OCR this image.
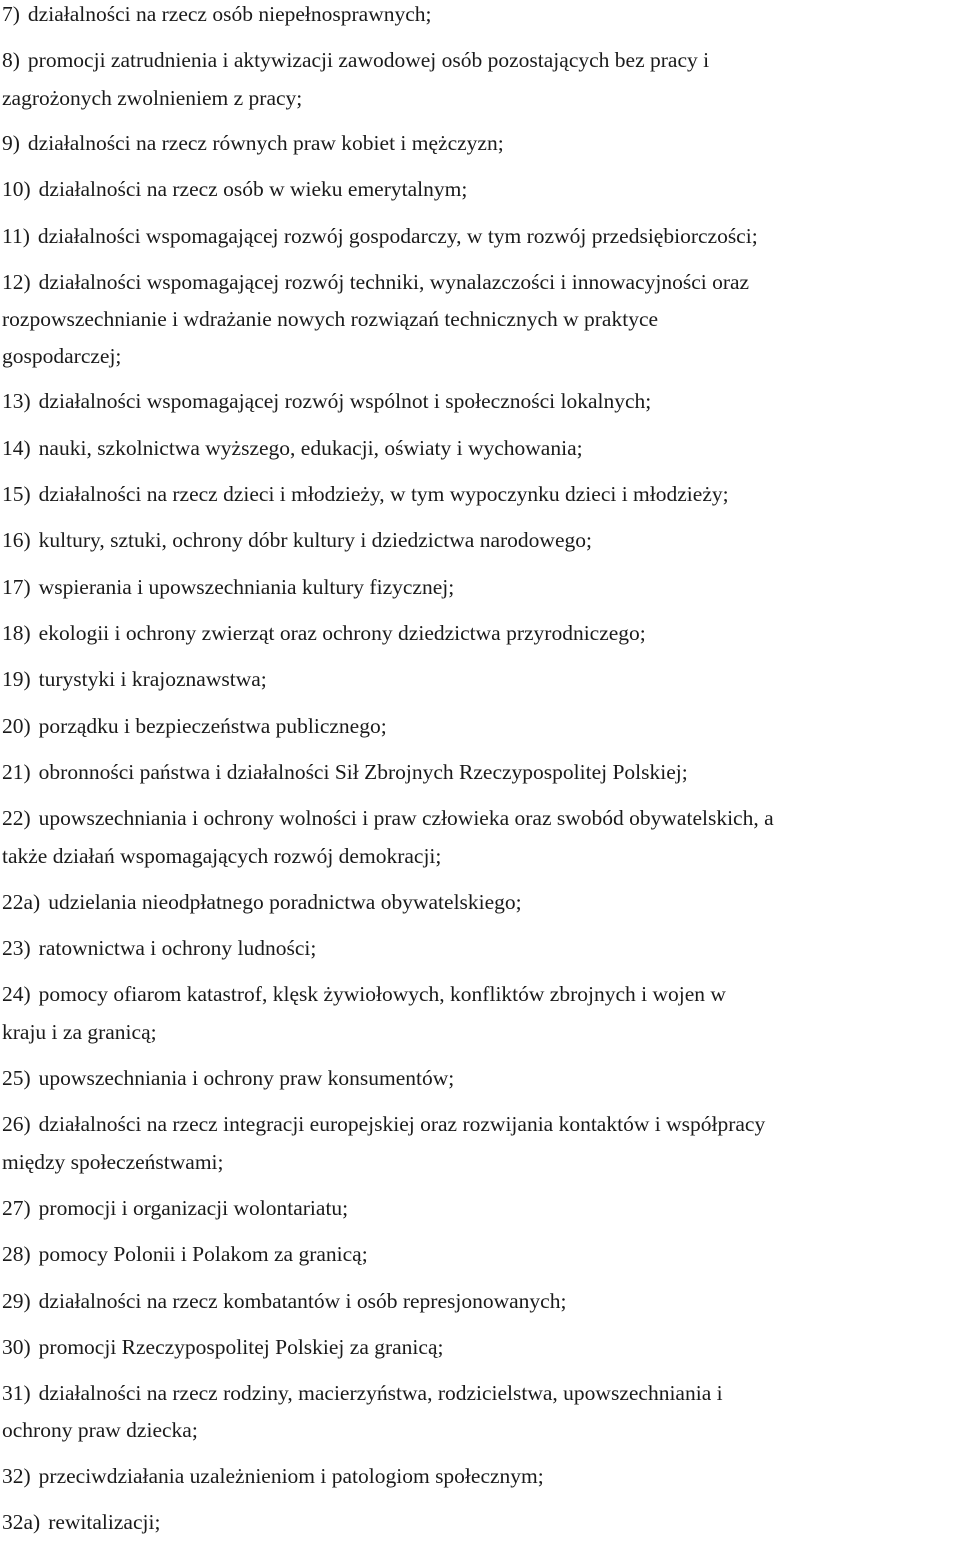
7) działalności na rzecz osób niepełnosprawnych;
8) promocji zatrudnienia i aktywizacji zawodowej osób pozostających bez pracy i
zagrożonych zwolnieniem z pracy;
9) działalności na rzecz równych praw kobiet i mężczyzn;
10) działalności na rzecz osób w wieku emerytalnym;
11) działalności wspomagającej rozwój gospodarczy, w tym rozwój przedsiębiorczości;
12) działalności wspomagającej rozwój techniki, wynalazczości i innowacyjności oraz
rozpowszechnianie i wdrażanie nowych rozwiązań technicznych w praktyce
gospodarczej;
13) działalności wspomagającej rozwój wspólnot i społeczności lokalnych;
14) nauki, szkolnictwa wyższego, edukacji, oświaty i wychowania;
15) działalności na rzecz dzieci i młodzieży, w tym wypoczynku dzieci i młodzieży;
16) kultury, sztuki, ochrony dóbr kultury i dziedzictwa narodowego;
17) wspierania i upowszechniania kultury fizycznej;
18) ekologii i ochrony zwierząt oraz ochrony dziedzictwa przyrodniczego;
19) turystyki i krajoznawstwa;
20) porządku i bezpieczeństwa publicznego;
21) obronności państwa i działalności Sił Zbrojnych Rzeczypospolitej Polskiej;
22) upowszechniania i ochrony wolności i praw człowieka oraz swobód obywatelskich, a
także działań wspomagających rozwój demokracji;
22a) udzielania nieodpłatnego poradnictwa obywatelskiego;
23) ratownictwa i ochrony ludności;
24) pomocy ofiarom katastrof, klęsk żywiołowych, konfliktów zbrojnych i wojen w
kraju i za granicą;
25) upowszechniania i ochrony praw konsumentów;
26) działalności na rzecz integracji europejskiej oraz rozwijania kontaktów i współpracy
między społeczeństwami;
27) promocji i organizacji wolontariatu;
28) pomocy Polonii i Polakom za granicą;
29) działalności na rzecz kombatantów i osób represjonowanych;
30) promocji Rzeczypospolitej Polskiej za granicą;
31) działalności na rzecz rodziny, macierzyństwa, rodzicielstwa, upowszechniania i
ochrony praw dziecka;
32) przeciwdziałania uzależnieniom i patologiom społecznym;
32a) rewitalizacji;
